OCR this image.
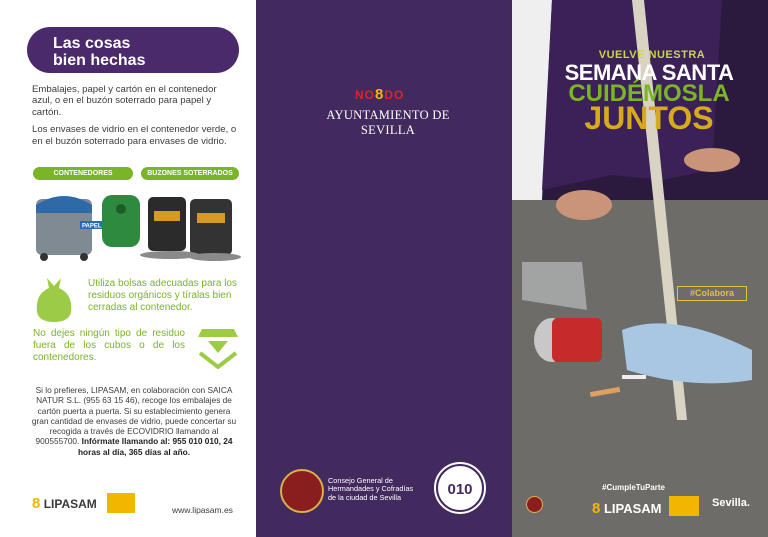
Las cosas
bien hechas

Embalajes, papel y cartón en el contenedor azul, o en el buzón soterrado para papel y cartón.

Los envases de vidrio en el contenedor verde, o en el buzón soterrado para envases de vidrio.

CONTENEDORES	BUZONES SOTERRADOS
PAPEL
Utiliza bolsas adecuadas para los residuos orgánicos y tíralas bien cerradas al contenedor.
No dejes ningún tipo de residuo fuera de los cubos o de los contenedores.
Si lo prefieres, LIPASAM, en colaboración con SAICA NATUR S.L. (955 63 15 46), recoge los embalajes de cartón puerta a puerta. Si su establecimiento genera gran cantidad de envases de vidrio, puede concertar su recogida a través de ECOVIDRIO llamando al 900555700. Infórmate llamando al: 955 010 010, 24 horas al día, 365 días al año.
8 LIPASAM	www.lipasam.es
NO8DO
AYUNTAMIENTO DE SEVILLA
Consejo General de
Hermandades y Cofradías
de la ciudad de Sevilla	010
VUELVE NUESTRA
SEMANA SANTA
CUIDÉMOSLA
JUNTOS
#Colabora
#CumpleTuParte
8 LIPASAM	Sevilla.
